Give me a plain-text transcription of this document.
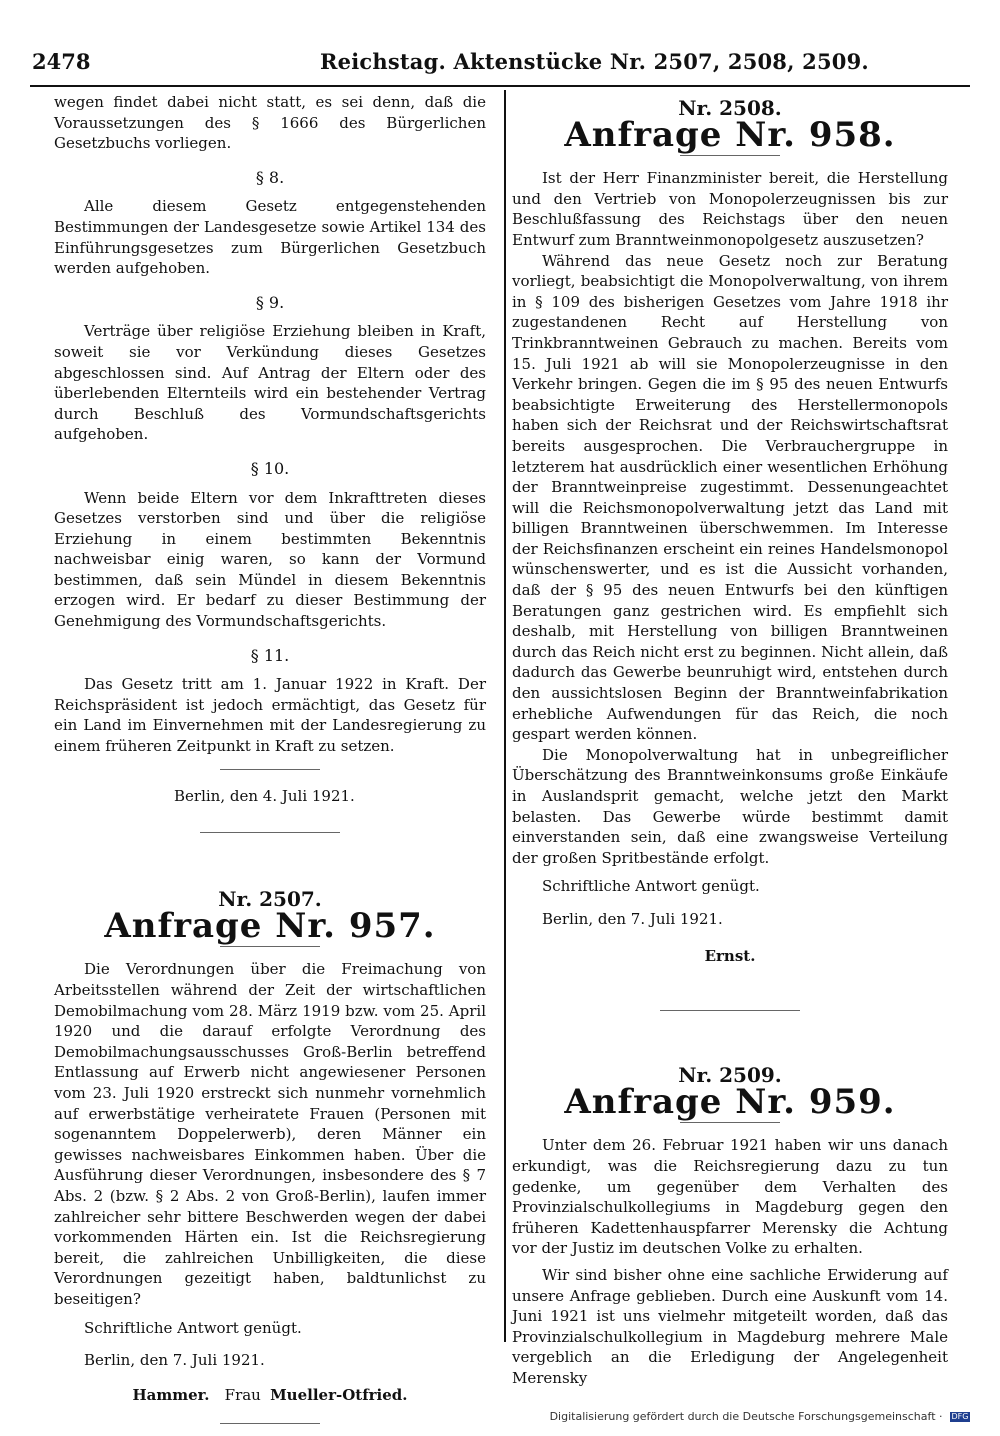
2478	Reichstag. Aktenstücke Nr. 2507, 2508, 2509.

wegen findet dabei nicht statt, es sei denn, daß die Voraussetzungen des § 1666 des Bürgerlichen Gesetzbuchs vorliegen.

§ 8.

Alle diesem Gesetz entgegenstehenden Bestimmungen der Landesgesetze sowie Artikel 134 des Einführungsgesetzes zum Bürgerlichen Gesetzbuch werden aufgehoben.

§ 9.

Verträge über religiöse Erziehung bleiben in Kraft, soweit sie vor Verkündung dieses Gesetzes abgeschlossen sind. Auf Antrag der Eltern oder des überlebenden Elternteils wird ein bestehender Vertrag durch Beschluß des Vormundschaftsgerichts aufgehoben.

§ 10.

Wenn beide Eltern vor dem Inkrafttreten dieses Gesetzes verstorben sind und über die religiöse Erziehung in einem bestimmten Bekenntnis nachweisbar einig waren, so kann der Vormund bestimmen, daß sein Mündel in diesem Bekenntnis erzogen wird. Er bedarf zu dieser Bestimmung der Genehmigung des Vormundschaftsgerichts.

§ 11.

Das Gesetz tritt am 1. Januar 1922 in Kraft. Der Reichspräsident ist jedoch ermächtigt, das Gesetz für ein Land im Einvernehmen mit der Landesregierung zu einem früheren Zeitpunkt in Kraft zu setzen.

Berlin, den 4. Juli 1921.

Nr. 2507.

Anfrage Nr. 957.

Die Verordnungen über die Freimachung von Arbeitsstellen während der Zeit der wirtschaftlichen Demobilmachung vom 28. März 1919 bzw. vom 25. April 1920 und die darauf erfolgte Verordnung des Demobilmachungsausschusses Groß-Berlin betreffend Entlassung auf Erwerb nicht angewiesener Personen vom 23. Juli 1920 erstreckt sich nunmehr vornehmlich auf erwerbstätige verheiratete Frauen (Personen mit sogenanntem Doppelerwerb), deren Männer ein gewisses nachweisbares Einkommen haben. Über die Ausführung dieser Verordnungen, insbesondere des § 7 Abs. 2 (bzw. § 2 Abs. 2 von Groß-Berlin), laufen immer zahlreicher sehr bittere Beschwerden wegen der dabei vorkommenden Härten ein. Ist die Reichsregierung bereit, die zahlreichen Unbilligkeiten, die diese Verordnungen gezeitigt haben, baldtunlichst zu beseitigen?

Schriftliche Antwort genügt.

Berlin, den 7. Juli 1921.

Hammer. Frau Mueller-Otfried.

Nr. 2508.

Anfrage Nr. 958.

Ist der Herr Finanzminister bereit, die Herstellung und den Vertrieb von Monopolerzeugnissen bis zur Beschlußfassung des Reichstags über den neuen Entwurf zum Branntweinmonopolgesetz auszusetzen?

Während das neue Gesetz noch zur Beratung vorliegt, beabsichtigt die Monopolverwaltung, von ihrem in § 109 des bisherigen Gesetzes vom Jahre 1918 ihr zugestandenen Recht auf Herstellung von Trinkbranntweinen Gebrauch zu machen. Bereits vom 15. Juli 1921 ab will sie Monopolerzeugnisse in den Verkehr bringen. Gegen die im § 95 des neuen Entwurfs beabsichtigte Erweiterung des Herstellermonopols haben sich der Reichsrat und der Reichswirtschaftsrat bereits ausgesprochen. Die Verbrauchergruppe in letzterem hat ausdrücklich einer wesentlichen Erhöhung der Branntweinpreise zugestimmt. Dessenungeachtet will die Reichsmonopolverwaltung jetzt das Land mit billigen Branntweinen überschwemmen. Im Interesse der Reichsfinanzen erscheint ein reines Handelsmonopol wünschenswerter, und es ist die Aussicht vorhanden, daß der § 95 des neuen Entwurfs bei den künftigen Beratungen ganz gestrichen wird. Es empfiehlt sich deshalb, mit Herstellung von billigen Branntweinen durch das Reich nicht erst zu beginnen. Nicht allein, daß dadurch das Gewerbe beunruhigt wird, entstehen durch den aussichtslosen Beginn der Branntweinfabrikation erhebliche Aufwendungen für das Reich, die noch gespart werden können.

Die Monopolverwaltung hat in unbegreiflicher Überschätzung des Branntweinkonsums große Einkäufe in Auslandsprit gemacht, welche jetzt den Markt belasten. Das Gewerbe würde bestimmt damit einverstanden sein, daß eine zwangsweise Verteilung der großen Spritbestände erfolgt.

Schriftliche Antwort genügt.

Berlin, den 7. Juli 1921.

Ernst.

Nr. 2509.

Anfrage Nr. 959.

Unter dem 26. Februar 1921 haben wir uns danach erkundigt, was die Reichsregierung dazu zu tun gedenke, um gegenüber dem Verhalten des Provinzialschulkollegiums in Magdeburg gegen den früheren Kadettenhauspfarrer Merensky die Achtung vor der Justiz im deutschen Volke zu erhalten.

Wir sind bisher ohne eine sachliche Erwiderung auf unsere Anfrage geblieben. Durch eine Auskunft vom 14. Juni 1921 ist uns vielmehr mitgeteilt worden, daß das Provinzialschulkollegium in Magdeburg mehrere Male vergeblich an die Erledigung der Angelegenheit Merensky

Digitalisierung gefördert durch die Deutsche Forschungsgemeinschaft · DFG
